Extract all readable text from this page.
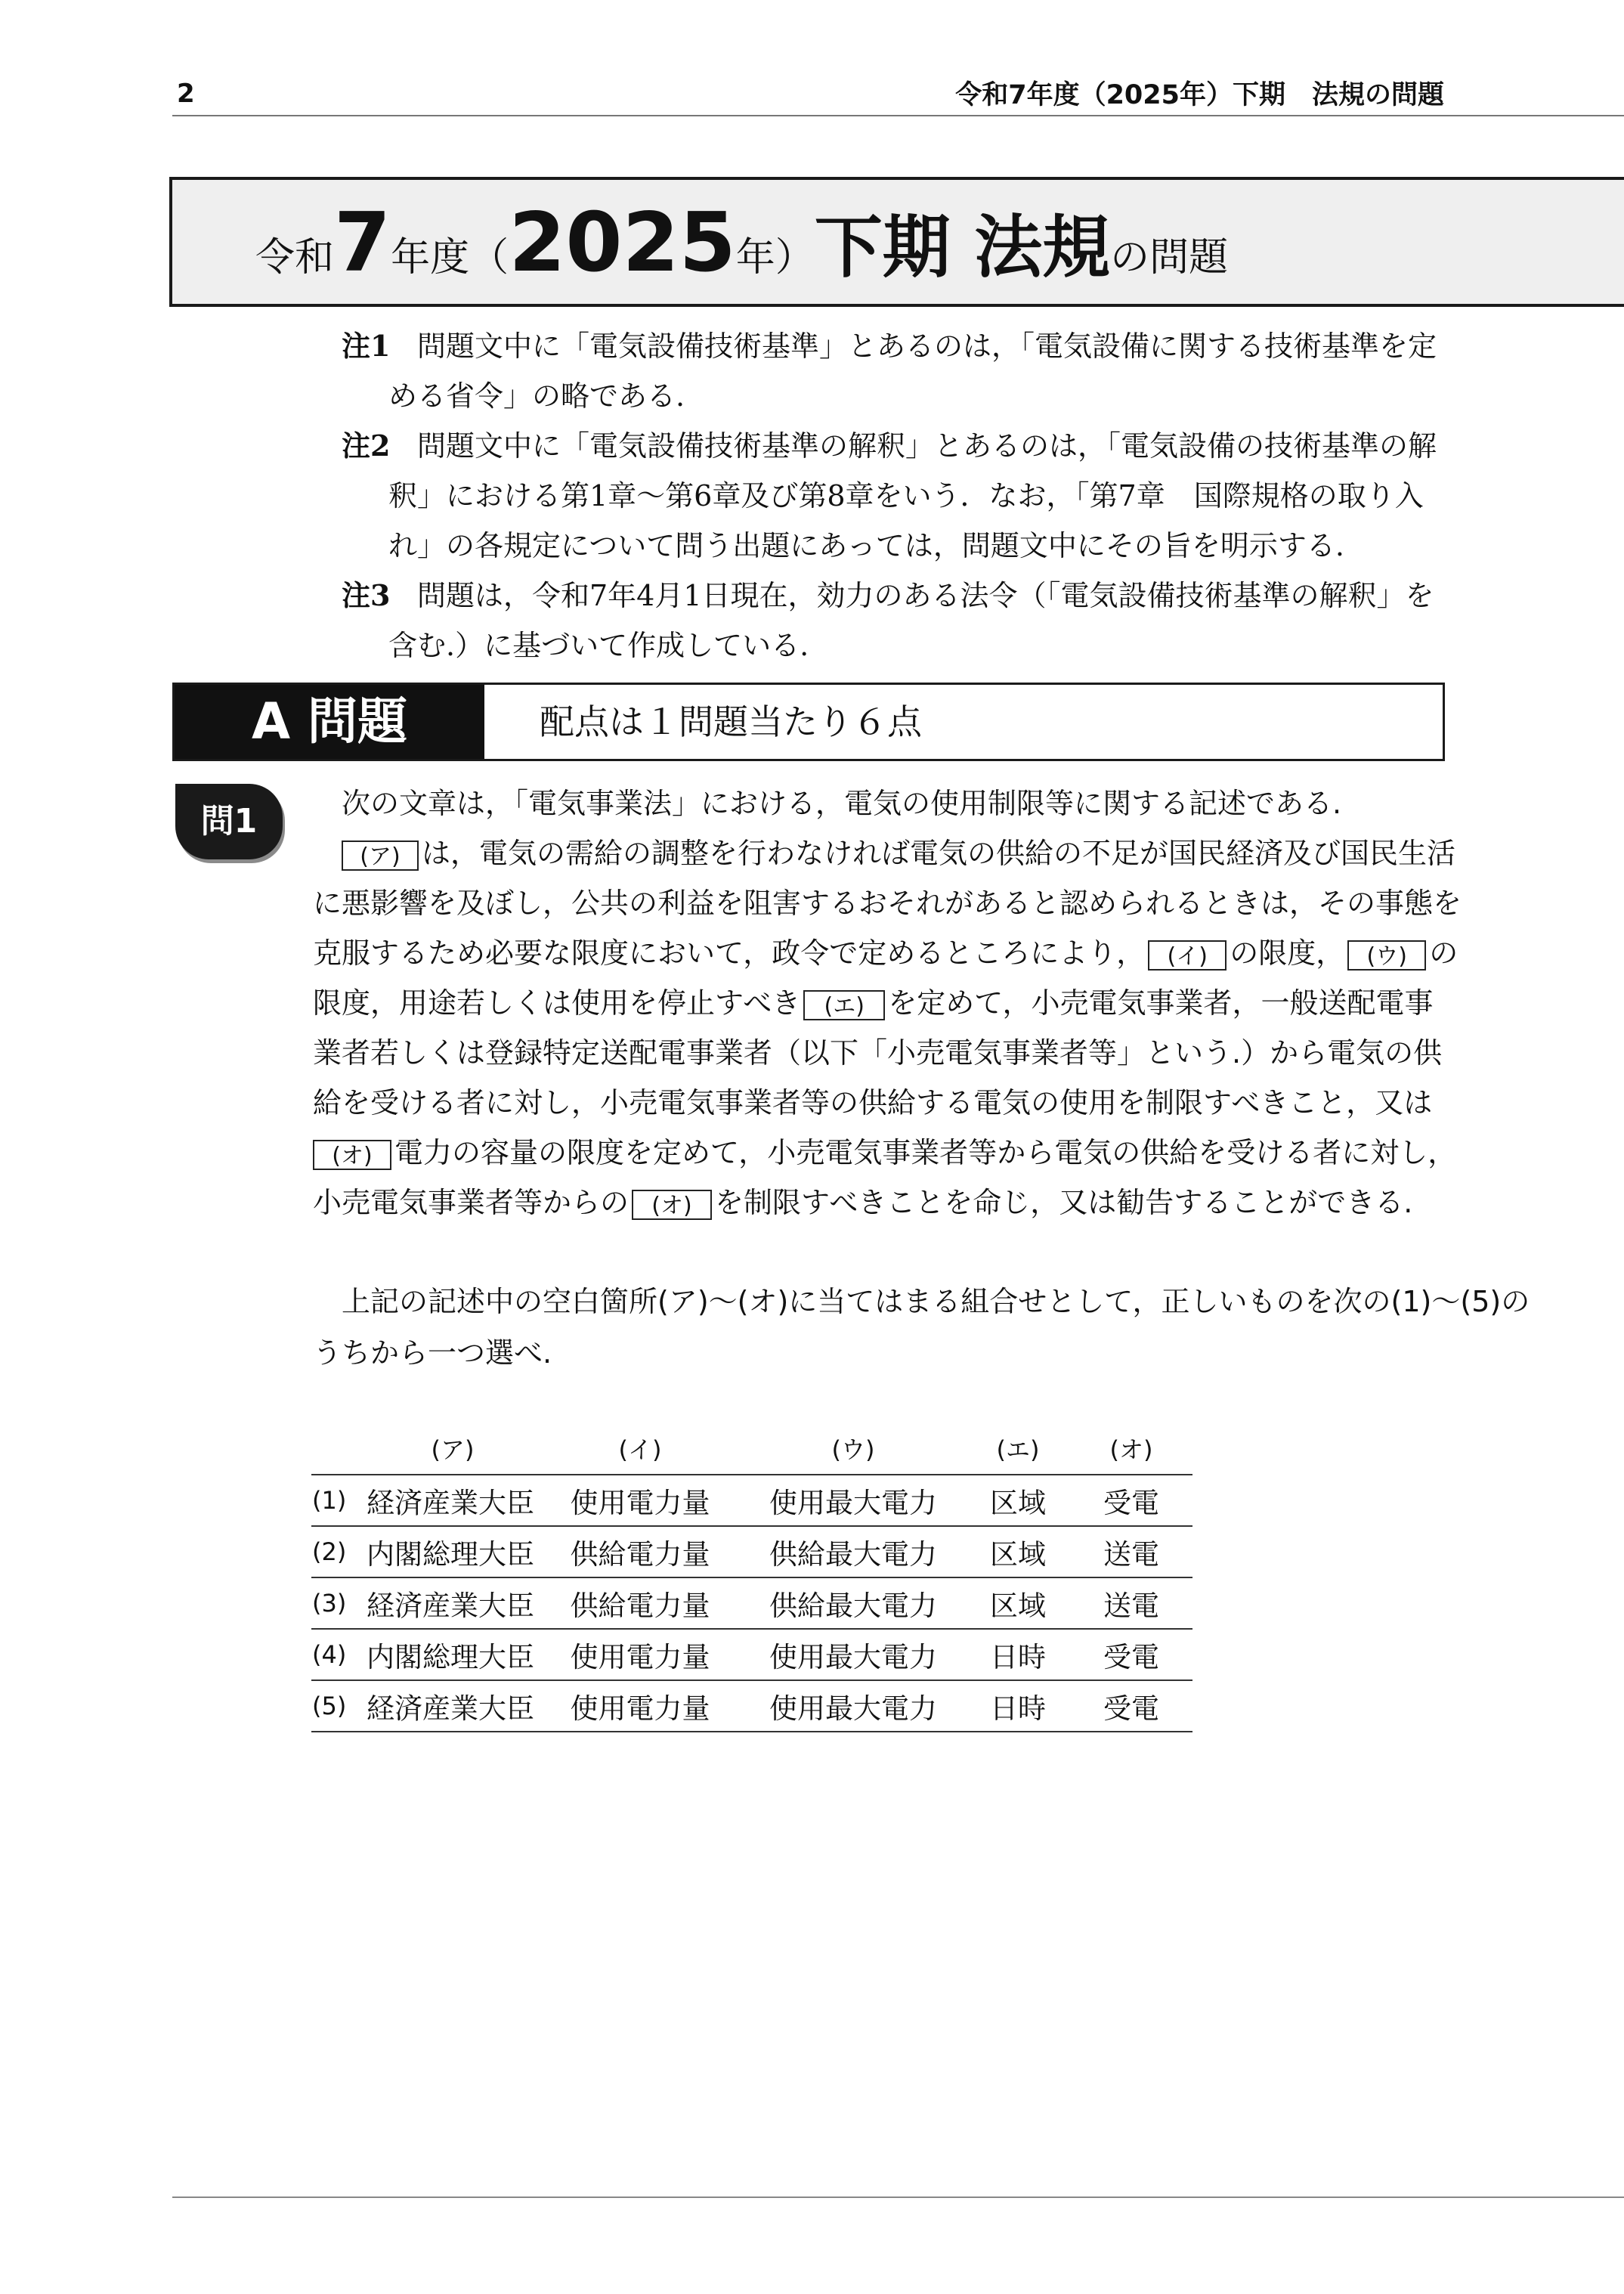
2	令和7年度（2025年）下期　法規の問題
令和7年度（2025年）下期 法規の問題
注1 問題文中に「電気設備技術基準」とあるのは，「電気設備に関する技術基準を定める省令」の略である.
注2 問題文中に「電気設備技術基準の解釈」とあるのは，「電気設備の技術基準の解釈」における第1章～第6章及び第8章をいう．なお，「第7章　国際規格の取り入れ」の各規定について問う出題にあっては，問題文中にその旨を明示する.
注3 問題は，令和7年4月1日現在，効力のある法令（「電気設備技術基準の解釈」を含む.）に基づいて作成している.
A 問題	配点は１問題当たり６点
問1	次の文章は，「電気事業法」における，電気の使用制限等に関する記述である.
(ア) は，電気の需給の調整を行わなければ電気の供給の不足が国民経済及び国民生活
に悪影響を及ぼし，公共の利益を阻害するおそれがあると認められるときは，その事態を
克服するため必要な限度において，政令で定めるところにより， (イ) の限度， (ウ) の
限度，用途若しくは使用を停止すべき (エ) を定めて，小売電気事業者，一般送配電事
業者若しくは登録特定送配電事業者（以下「小売電気事業者等」という.）から電気の供
給を受ける者に対し，小売電気事業者等の供給する電気の使用を制限すべきこと，又は
(オ) 電力の容量の限度を定めて，小売電気事業者等から電気の供給を受ける者に対し，
小売電気事業者等からの (オ) を制限すべきことを命じ，又は勧告することができる.
上記の記述中の空白箇所(ア)～(オ)に当てはまる組合せとして，正しいものを次の(1)～(5)の
うちから一つ選べ.
	(ア)	(イ)	(ウ)	(エ)	(オ)
(1)	経済産業大臣	使用電力量	使用最大電力	区域	受電
(2)	内閣総理大臣	供給電力量	供給最大電力	区域	送電
(3)	経済産業大臣	供給電力量	供給最大電力	区域	送電
(4)	内閣総理大臣	使用電力量	使用最大電力	日時	受電
(5)	経済産業大臣	使用電力量	使用最大電力	日時	受電
